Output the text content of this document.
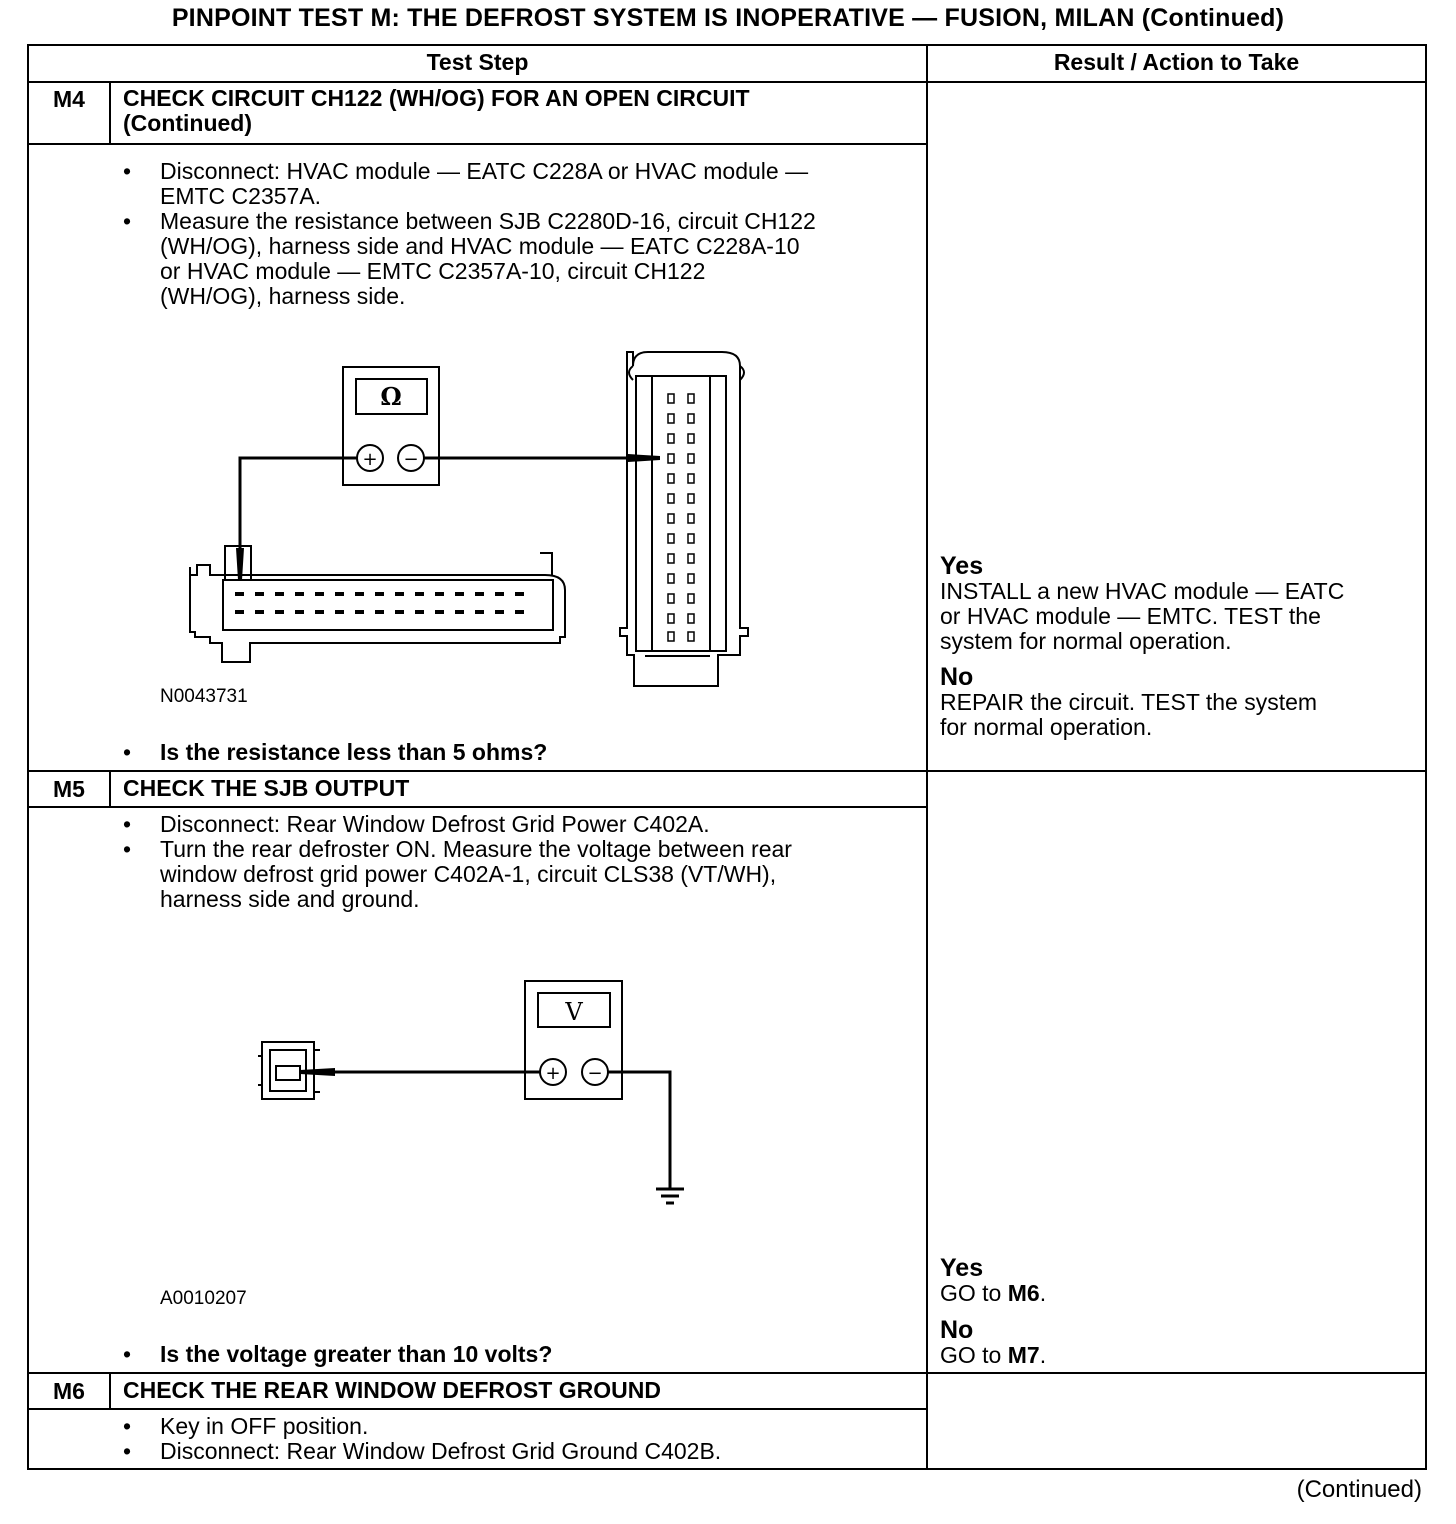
PINPOINT TEST M: THE DEFROST SYSTEM IS INOPERATIVE — FUSION, MILAN (Continued)
Test Step	Result / Action to Take
M4	CHECK CIRCUIT CH122 (WH/OG) FOR AN OPEN CIRCUIT
(Continued)
• Disconnect: HVAC module — EATC C228A or HVAC module —
EMTC C2357A.
• Measure the resistance between SJB C2280D-16, circuit CH122
(WH/OG), harness side and HVAC module — EATC C228A-10
or HVAC module — EMTC C2357A-10, circuit CH122
(WH/OG), harness side.
Ω
+ −
N0043731
• Is the resistance less than 5 ohms?
Yes
INSTALL a new HVAC module — EATC
or HVAC module — EMTC. TEST the
system for normal operation.
No
REPAIR the circuit. TEST the system
for normal operation.
M5	CHECK THE SJB OUTPUT
• Disconnect: Rear Window Defrost Grid Power C402A.
• Turn the rear defroster ON. Measure the voltage between rear
window defrost grid power C402A-1, circuit CLS38 (VT/WH),
harness side and ground.
V
+ −
A0010207
• Is the voltage greater than 10 volts?
Yes
GO to M6.
No
GO to M7.
M6	CHECK THE REAR WINDOW DEFROST GROUND
• Key in OFF position.
• Disconnect: Rear Window Defrost Grid Ground C402B.
(Continued)
